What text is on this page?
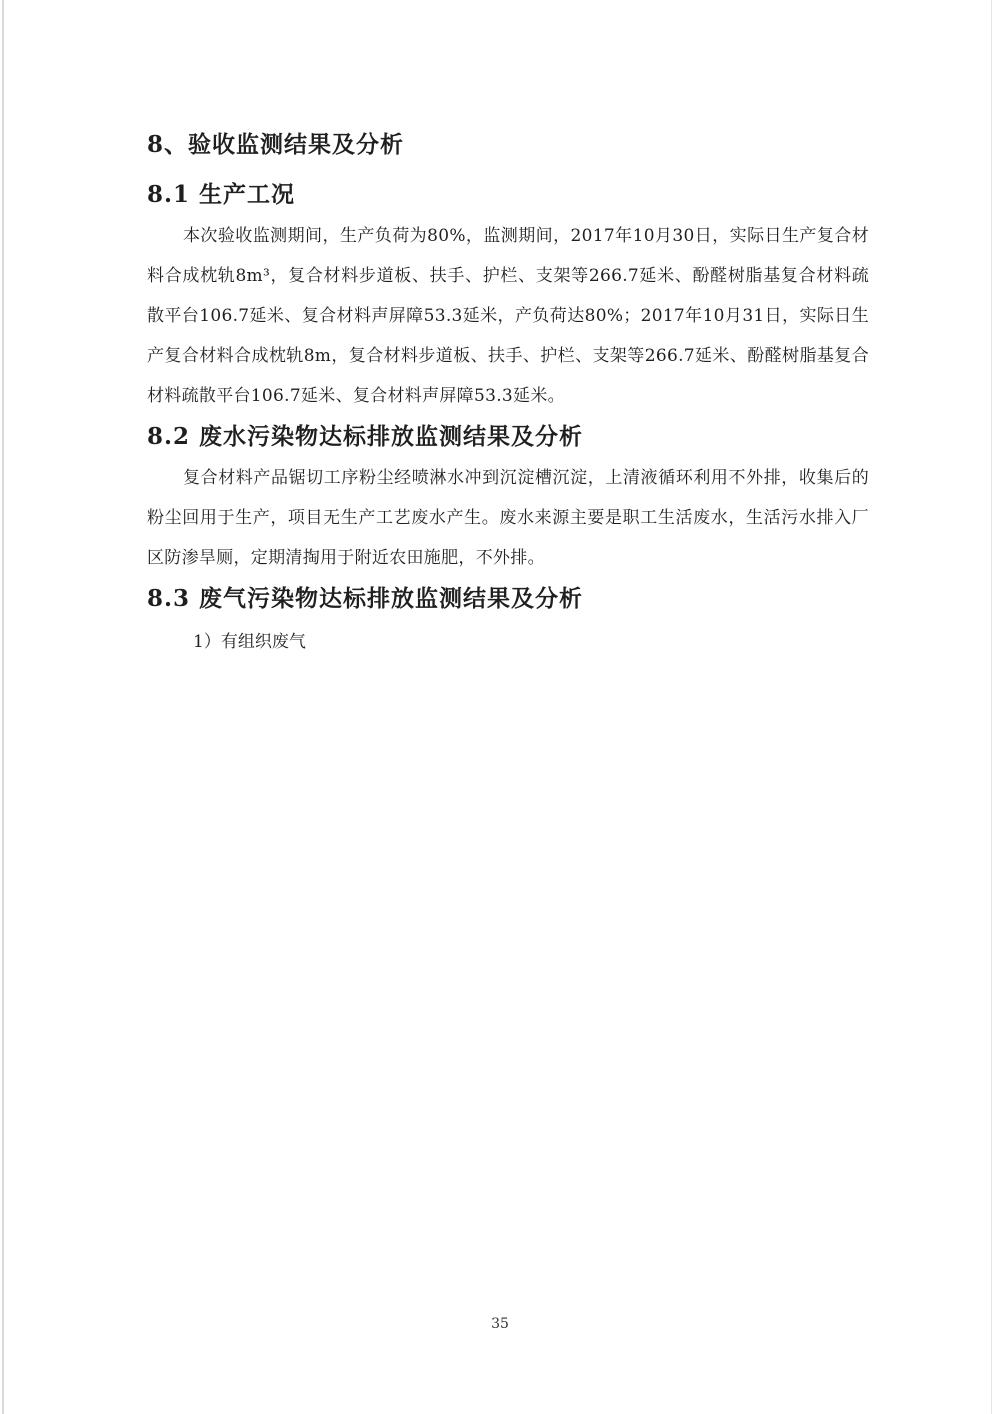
8、验收监测结果及分析
8.1 生产工况

本次验收监测期间，生产负荷为80%，监测期间，2017年10月30日，实际日生产复合材料合成枕轨8m³，复合材料步道板、扶手、护栏、支架等266.7延米、酚醛树脂基复合材料疏散平台106.7延米、复合材料声屏障53.3延米，产负荷达80%；2017年10月31日，实际日生产复合材料合成枕轨8m，复合材料步道板、扶手、护栏、支架等266.7延米、酚醛树脂基复合材料疏散平台106.7延米、复合材料声屏障53.3延米。

8.2 废水污染物达标排放监测结果及分析

复合材料产品锯切工序粉尘经喷淋水冲到沉淀槽沉淀，上清液循环利用不外排，收集后的粉尘回用于生产，项目无生产工艺废水产生。废水来源主要是职工生活废水，生活污水排入厂区防渗旱厕，定期清掏用于附近农田施肥，不外排。

8.3 废气污染物达标排放监测结果及分析

1）有组织废气

35
